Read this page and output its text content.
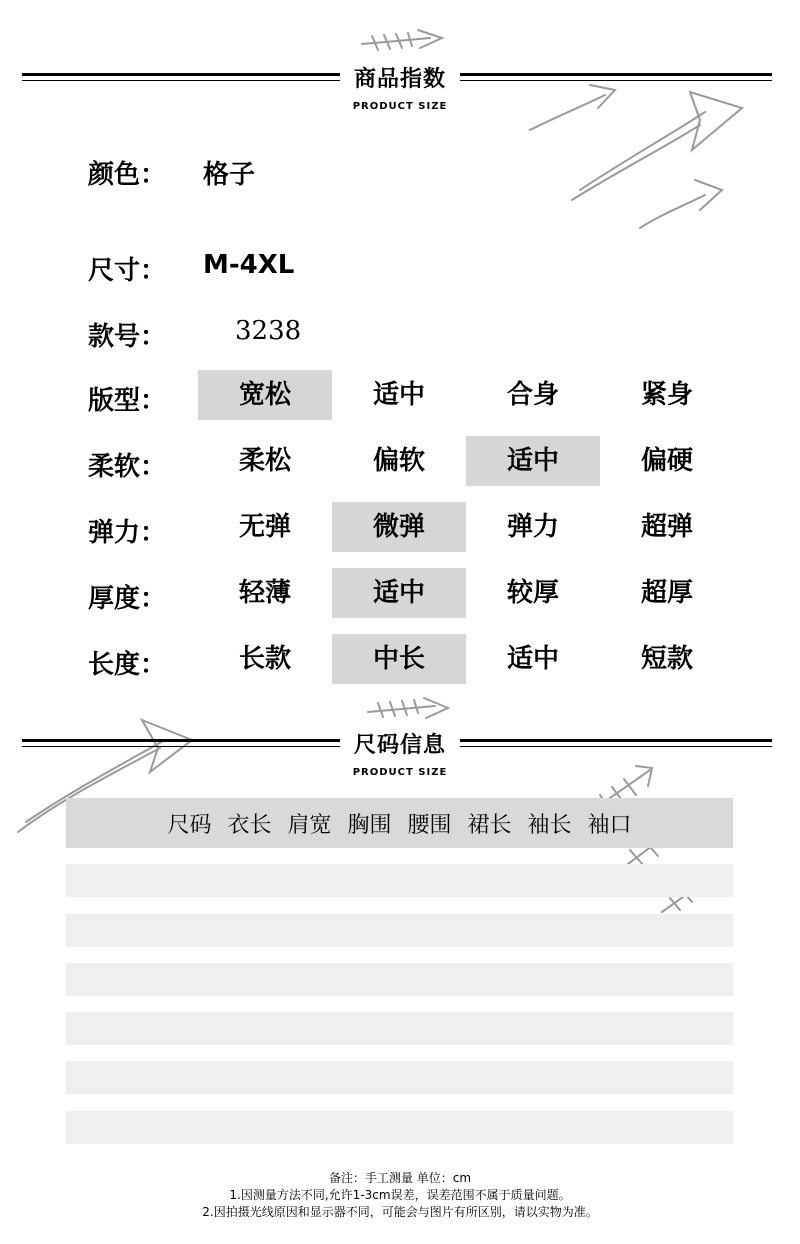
商品指数
PRODUCT SIZE
颜色： 格子
尺寸： M-4XL
款号：	3238
版型：	宽松	适中	合身	紧身
柔软：	柔松	偏软	适中	偏硬
弹力：	无弹	微弹	弹力	超弹
厚度：	轻薄	适中	较厚	超厚
长度：	长款	中长	适中	短款
尺码信息
PRODUCT SIZE
尺码 衣长 肩宽 胸围 腰围 裙长 袖长 袖口
备注：手工测量 单位：cm
1.因测量方法不同,允许1-3cm误差，误差范围不属于质量问题。
2.因拍摄光线原因和显示器不同，可能会与图片有所区别，请以实物为准。
